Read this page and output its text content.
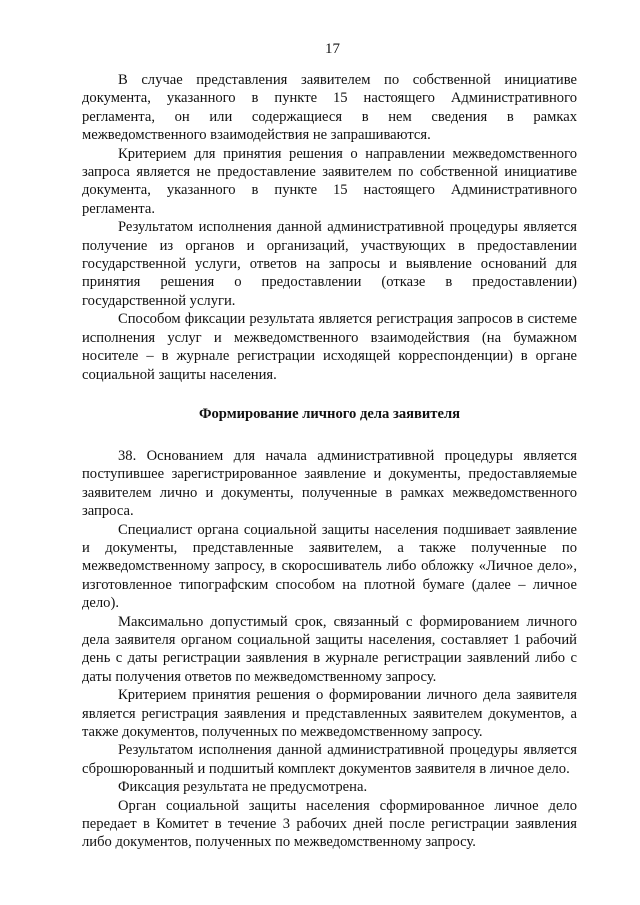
17

В случае представления заявителем по собственной инициативе документа, указанного в пункте 15 настоящего Административного регламента, он или содержащиеся в нем сведения в рамках межведомственного взаимодействия не запрашиваются.

Критерием для принятия решения о направлении межведомственного запроса является не предоставление заявителем по собственной инициативе документа, указанного в пункте 15 настоящего Административного регламента.

Результатом исполнения данной административной процедуры является получение из органов и организаций, участвующих в предоставлении государственной услуги, ответов на запросы и выявление оснований для принятия решения о предоставлении (отказе в предоставлении) государственной услуги.

Способом фиксации результата является регистрация запросов в системе исполнения услуг и межведомственного взаимодействия (на бумажном носителе – в журнале регистрации исходящей корреспонденции) в органе социальной защиты населения.

Формирование личного дела заявителя

38. Основанием для начала административной процедуры является поступившее зарегистрированное заявление и документы, предоставляемые заявителем лично и документы, полученные в рамках межведомственного запроса.

Специалист органа социальной защиты населения подшивает заявление и документы, представленные заявителем, а также полученные по межведомственному запросу, в скоросшиватель либо обложку «Личное дело», изготовленное типографским способом на плотной бумаге (далее – личное дело).

Максимально допустимый срок, связанный с формированием личного дела заявителя органом социальной защиты населения, составляет 1 рабочий день с даты регистрации заявления в журнале регистрации заявлений либо с даты получения ответов по межведомственному запросу.

Критерием принятия решения о формировании личного дела заявителя является регистрация заявления и представленных заявителем документов, а также документов, полученных по межведомственному запросу.

Результатом исполнения данной административной процедуры является сброшюрованный и подшитый комплект документов заявителя в личное дело.

Фиксация результата не предусмотрена.

Орган социальной защиты населения сформированное личное дело передает в Комитет в течение 3 рабочих дней после регистрации заявления либо документов, полученных по межведомственному запросу.
